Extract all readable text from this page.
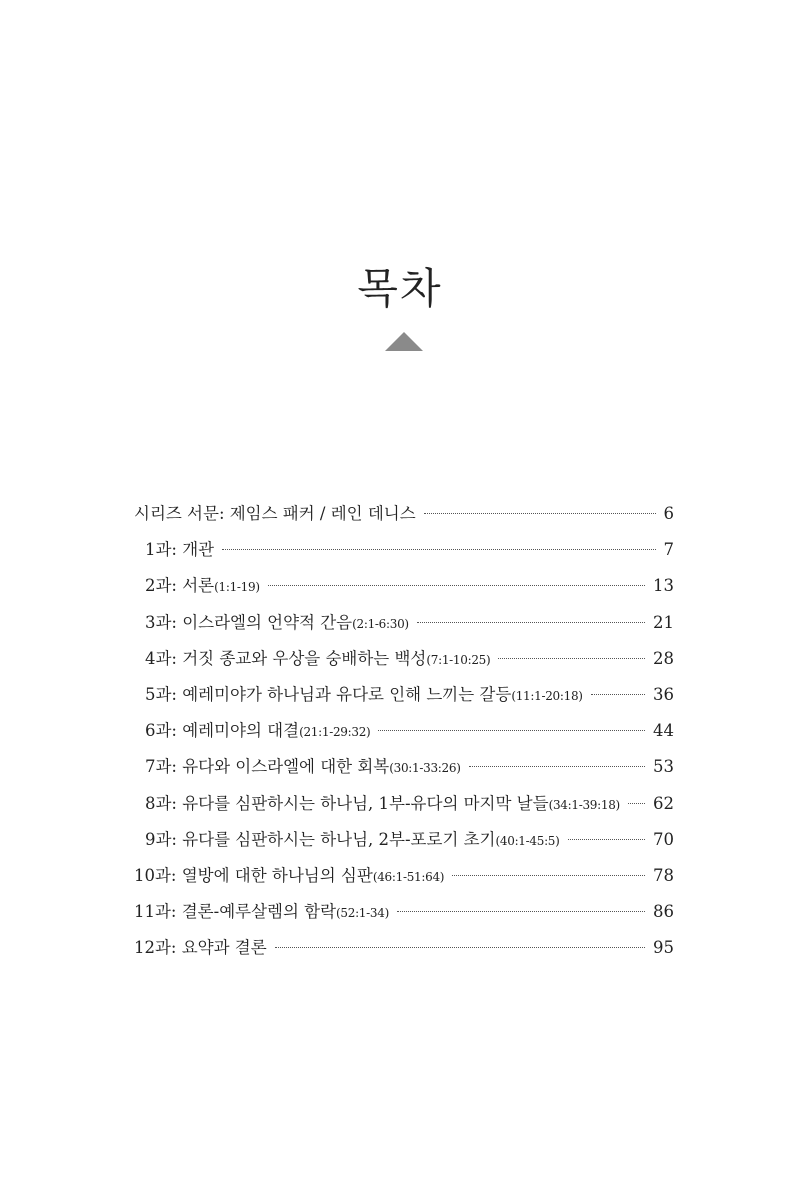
목차
시리즈 서문: 제임스 패커 / 레인 데니스	6
1과: 개관	7
2과: 서론(1:1-19)	13
3과: 이스라엘의 언약적 간음(2:1-6:30)	21
4과: 거짓 종교와 우상을 숭배하는 백성(7:1-10:25)	28
5과: 예레미야가 하나님과 유다로 인해 느끼는 갈등(11:1-20:18)	36
6과: 예레미야의 대결(21:1-29:32)	44
7과: 유다와 이스라엘에 대한 회복(30:1-33:26)	53
8과: 유다를 심판하시는 하나님, 1부-유다의 마지막 날들(34:1-39:18) 62
9과: 유다를 심판하시는 하나님, 2부-포로기 초기(40:1-45:5)	70
10과: 열방에 대한 하나님의 심판(46:1-51:64)	78
11과: 결론-예루살렘의 함락(52:1-34)	86
12과: 요약과 결론	95
